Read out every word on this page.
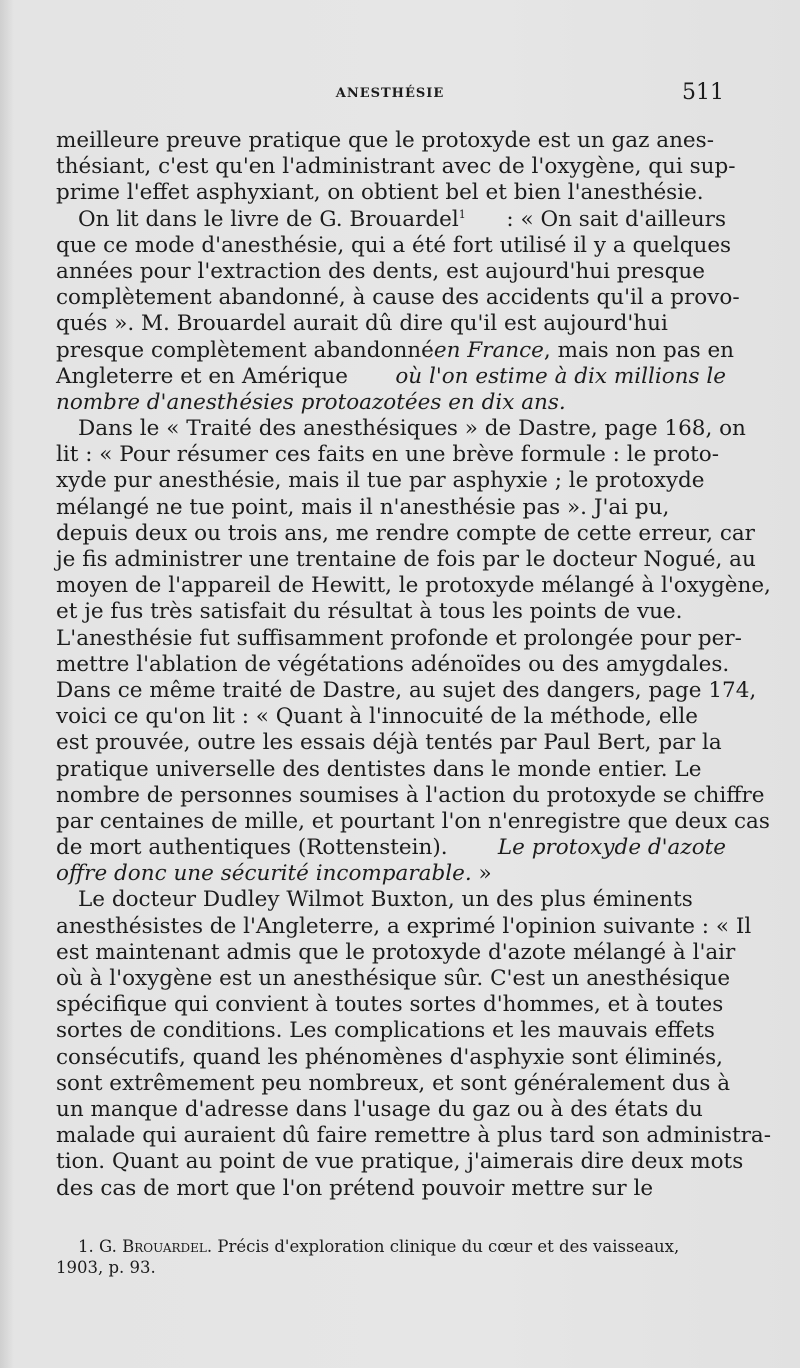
ANESTHÉSIE	511
meilleure preuve pratique que le protoxyde est un gaz anes-
thésiant, c'est qu'en l'administrant avec de l'oxygène, qui sup-
prime l'effet asphyxiant, on obtient bel et bien l'anesthésie.
On lit dans le livre de G. Brouardel$^1$ : « On sait d'ailleurs
que ce mode d'anesthésie, qui a été fort utilisé il y a quelques
années pour l'extraction des dents, est aujourd'hui presque
complètement abandonné, à cause des accidents qu'il a provo-
qués ». M. Brouardel aurait dû dire qu'il est aujourd'hui
presque complètement abandonné en France , mais non pas en
Angleterre et en Amérique où l'on estime à dix millions le
nombre d'anesthésies protoazotées en dix ans.
Dans le « Traité des anesthésiques » de Dastre, page 168, on
lit : « Pour résumer ces faits en une brève formule : le proto-
xyde pur anesthésie, mais il tue par asphyxie ; le protoxyde
mélangé ne tue point, mais il n'anesthésie pas ». J'ai pu,
depuis deux ou trois ans, me rendre compte de cette erreur, car
je fis administrer une trentaine de fois par le docteur Nogué, au
moyen de l'appareil de Hewitt, le protoxyde mélangé à l'oxygène,
et je fus très satisfait du résultat à tous les points de vue.
L'anesthésie fut suffisamment profonde et prolongée pour per-
mettre l'ablation de végétations adénoïdes ou des amygdales.
Dans ce même traité de Dastre, au sujet des dangers, page 174,
voici ce qu'on lit : « Quant à l'innocuité de la méthode, elle
est prouvée, outre les essais déjà tentés par Paul Bert, par la
pratique universelle des dentistes dans le monde entier. Le
nombre de personnes soumises à l'action du protoxyde se chiffre
par centaines de mille, et pourtant l'on n'enregistre que deux cas
de mort authentiques (Rottenstein). Le protoxyde d'azote
offre donc une sécurité incomparable. »
Le docteur Dudley Wilmot Buxton, un des plus éminents
anesthésistes de l'Angleterre, a exprimé l'opinion suivante : « Il
est maintenant admis que le protoxyde d'azote mélangé à l'air
où à l'oxygène est un anesthésique sûr. C'est un anesthésique
spécifique qui convient à toutes sortes d'hommes, et à toutes
sortes de conditions. Les complications et les mauvais effets
consécutifs, quand les phénomènes d'asphyxie sont éliminés,
sont extrêmement peu nombreux, et sont généralement dus à
un manque d'adresse dans l'usage du gaz ou à des états du
malade qui auraient dû faire remettre à plus tard son administra-
tion. Quant au point de vue pratique, j'aimerais dire deux mots
des cas de mort que l'on prétend pouvoir mettre sur le
1. G. Brouardel. Précis d'exploration clinique du cœur et des vaisseaux,
1903, p. 93.
